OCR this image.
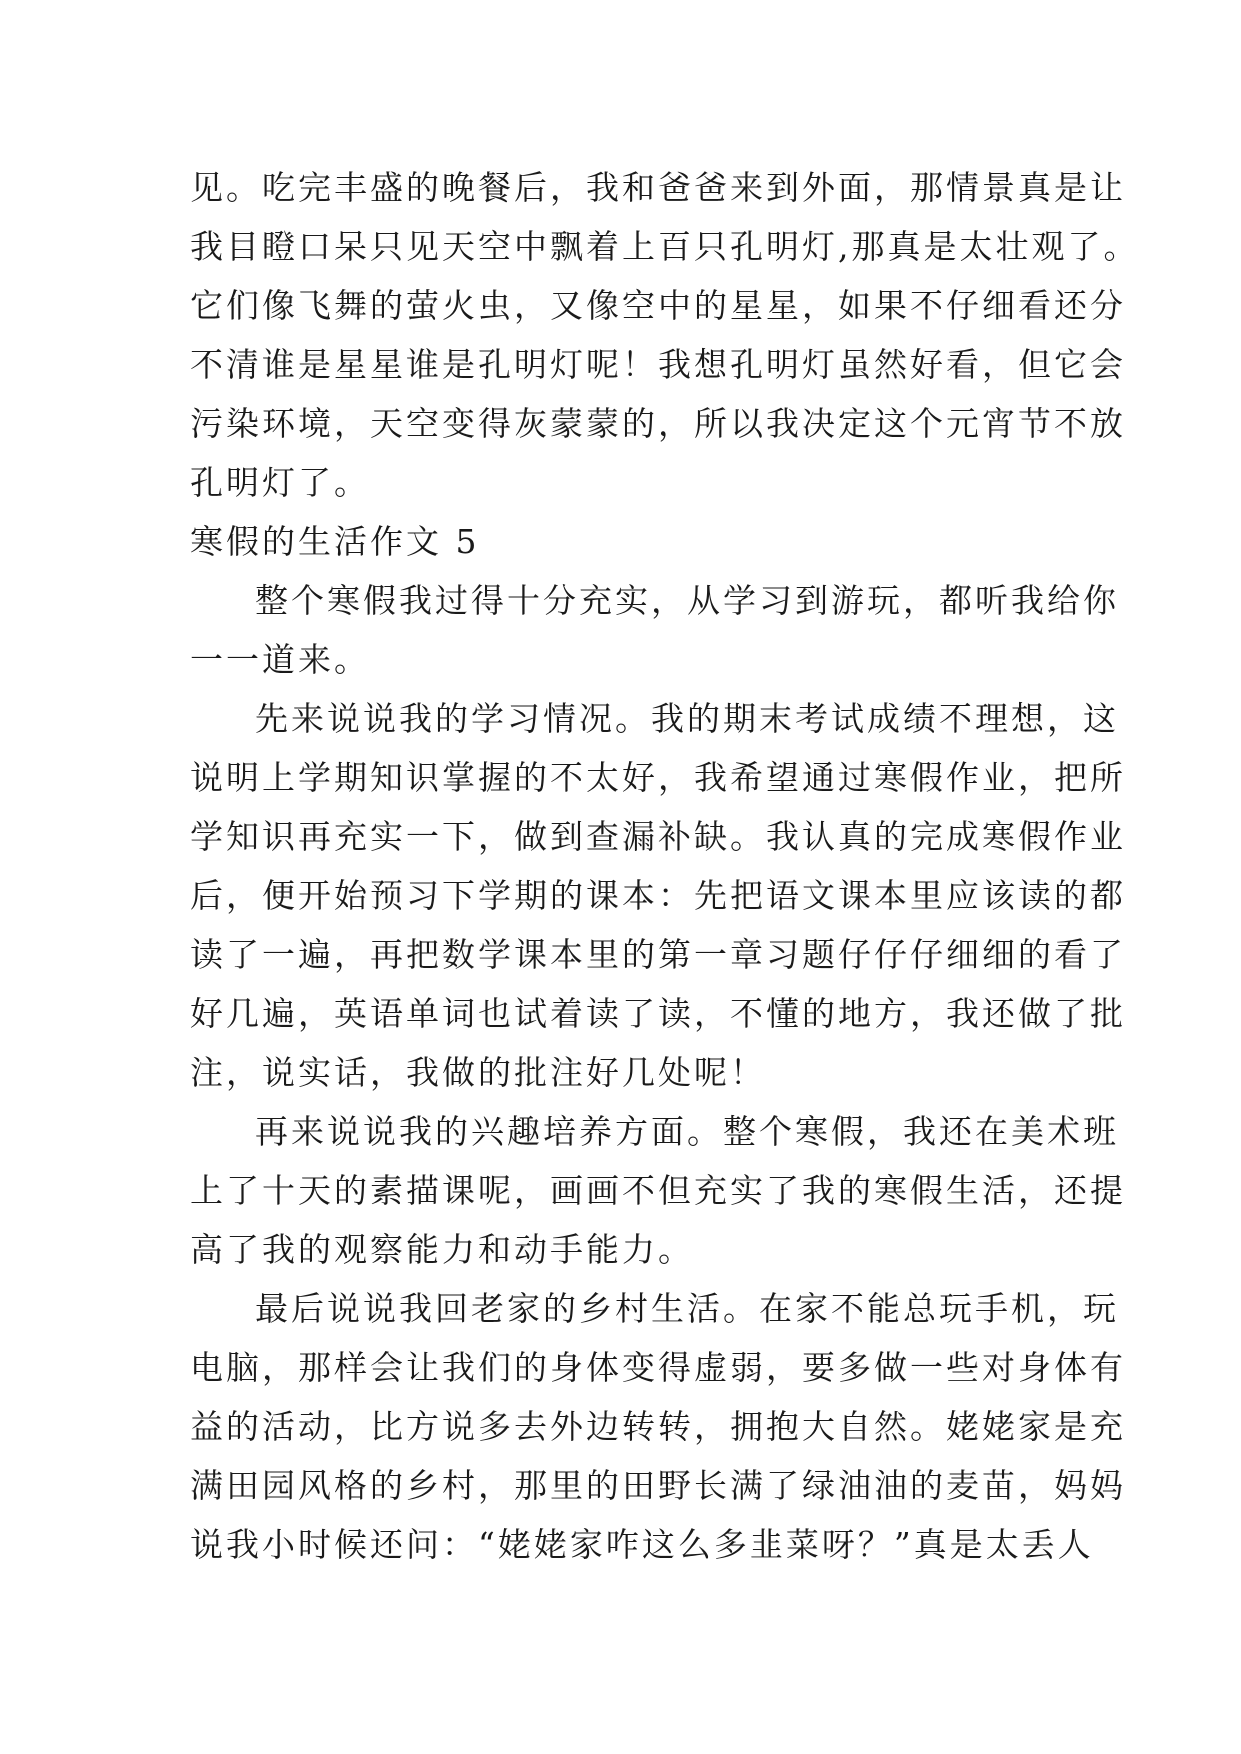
见。吃完丰盛的晚餐后，我和爸爸来到外面，那情景真是让
我目瞪口呆只见天空中飘着上百只孔明灯,那真是太壮观了。
它们像飞舞的萤火虫，又像空中的星星，如果不仔细看还分
不清谁是星星谁是孔明灯呢！我想孔明灯虽然好看，但它会
污染环境，天空变得灰蒙蒙的，所以我决定这个元宵节不放
孔明灯了。
寒假的生活作文 5
整个寒假我过得十分充实，从学习到游玩，都听我给你
一一道来。
先来说说我的学习情况。我的期末考试成绩不理想，这
说明上学期知识掌握的不太好，我希望通过寒假作业，把所
学知识再充实一下，做到查漏补缺。我认真的完成寒假作业
后，便开始预习下学期的课本：先把语文课本里应该读的都
读了一遍，再把数学课本里的第一章习题仔仔仔细细的看了
好几遍，英语单词也试着读了读，不懂的地方，我还做了批
注，说实话，我做的批注好几处呢！
再来说说我的兴趣培养方面。整个寒假，我还在美术班
上了十天的素描课呢，画画不但充实了我的寒假生活，还提
高了我的观察能力和动手能力。
最后说说我回老家的乡村生活。在家不能总玩手机，玩
电脑，那样会让我们的身体变得虚弱，要多做一些对身体有
益的活动，比方说多去外边转转，拥抱大自然。姥姥家是充
满田园风格的乡村，那里的田野长满了绿油油的麦苗，妈妈
说我小时候还问：“姥姥家咋这么多韭菜呀？”真是太丢人
